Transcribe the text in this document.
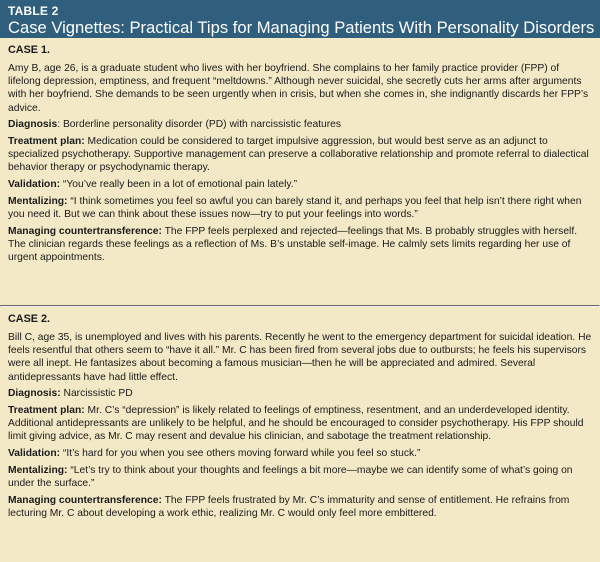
TABLE 2
Case Vignettes: Practical Tips for Managing Patients With Personality Disorders
CASE 1.

Amy B, age 26, is a graduate student who lives with her boyfriend. She complains to her family practice provider (FPP) of lifelong depression, emptiness, and frequent “meltdowns.” Although never suicidal, she secretly cuts her arms after arguments with her boyfriend. She demands to be seen urgently when in crisis, but when she comes in, she indignantly discards her FPP’s advice.

Diagnosis: Borderline personality disorder (PD) with narcissistic features

Treatment plan: Medication could be considered to target impulsive aggression, but would best serve as an adjunct to specialized psychotherapy. Supportive management can preserve a collaborative relationship and promote referral to dialectical behavior therapy or psychodynamic therapy.

Validation: “You’ve really been in a lot of emotional pain lately.”

Mentalizing: “I think sometimes you feel so awful you can barely stand it, and perhaps you feel that help isn’t there right when you need it. But we can think about these issues now—try to put your feelings into words.”

Managing countertransference: The FPP feels perplexed and rejected—feelings that Ms. B probably struggles with herself. The clinician regards these feelings as a reflection of Ms. B’s unstable self-image. He calmly sets limits regarding her use of urgent appointments.

CASE 2.

Bill C, age 35, is unemployed and lives with his parents. Recently he went to the emergency department for suicidal ideation. He feels resentful that others seem to “have it all.” Mr. C has been fired from several jobs due to outbursts; he feels his supervisors were all inept. He fantasizes about becoming a famous musician—then he will be appreciated and admired. Several antidepressants have had little effect.

Diagnosis: Narcissistic PD

Treatment plan: Mr. C’s “depression” is likely related to feelings of emptiness, resentment, and an underdeveloped identity. Additional antidepressants are unlikely to be helpful, and he should be encouraged to consider psychotherapy. His FPP should limit giving advice, as Mr. C may resent and devalue his clinician, and sabotage the treatment relationship.

Validation: “It’s hard for you when you see others moving forward while you feel so stuck.”

Mentalizing: “Let’s try to think about your thoughts and feelings a bit more—maybe we can identify some of what’s going on under the surface.”

Managing countertransference: The FPP feels frustrated by Mr. C’s immaturity and sense of entitlement. He refrains from lecturing Mr. C about developing a work ethic, realizing Mr. C would only feel more embittered.
